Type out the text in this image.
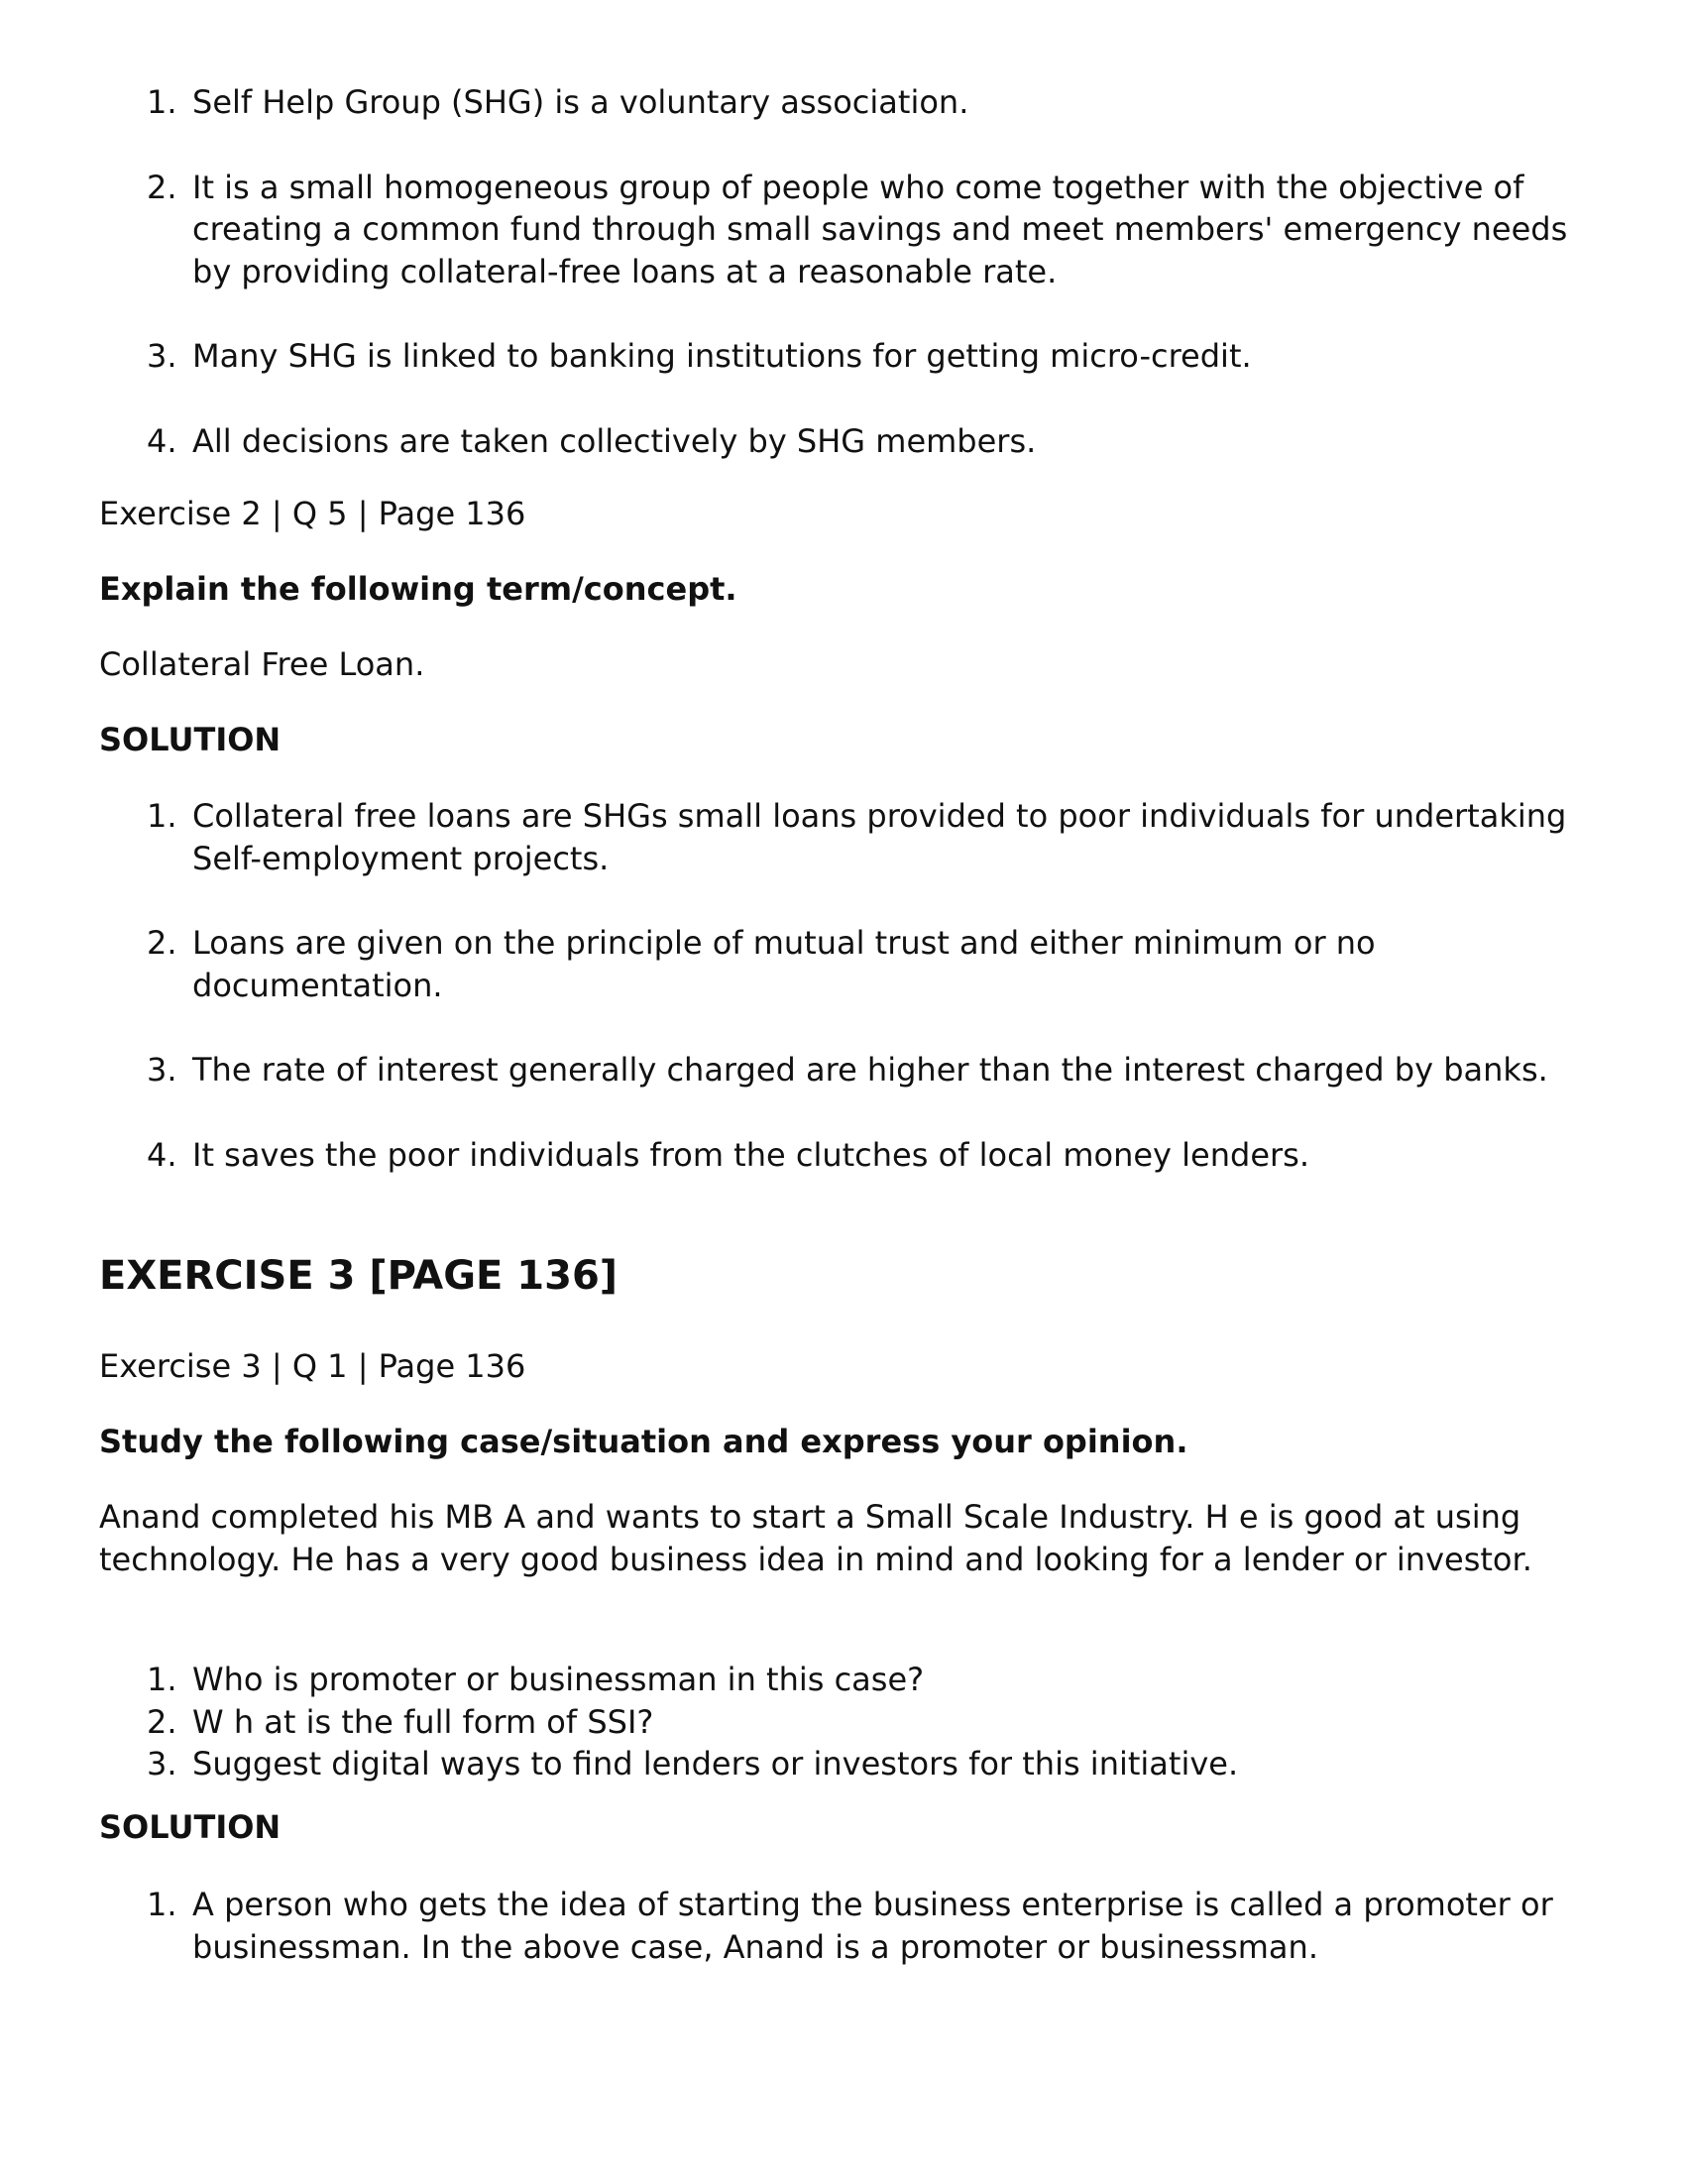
1. Self Help Group (SHG) is a voluntary association.
2. It is a small homogeneous group of people who come together with the objective of creating a common fund through small savings and meet members' emergency needs by providing collateral-free loans at a reasonable rate.
3. Many SHG is linked to banking institutions for getting micro-credit.
4. All decisions are taken collectively by SHG members.
Exercise 2 | Q 5 | Page 136
Explain the following term/concept.
Collateral Free Loan.
SOLUTION
1. Collateral free loans are SHGs small loans provided to poor individuals for undertaking Self-employment projects.
2. Loans are given on the principle of mutual trust and either minimum or no documentation.
3. The rate of interest generally charged are higher than the interest charged by banks.
4. It saves the poor individuals from the clutches of local money lenders.
EXERCISE 3 [PAGE 136]
Exercise 3 | Q 1 | Page 136
Study the following case/situation and express your opinion.
Anand completed his MB A and wants to start a Small Scale Industry. H e is good at using technology. He has a very good business idea in mind and looking for a lender or investor.
1. Who is promoter or businessman in this case?
2. W h at is the full form of SSI?
3. Suggest digital ways to find lenders or investors for this initiative.
SOLUTION
1. A person who gets the idea of starting the business enterprise is called a promoter or businessman. In the above case, Anand is a promoter or businessman.
